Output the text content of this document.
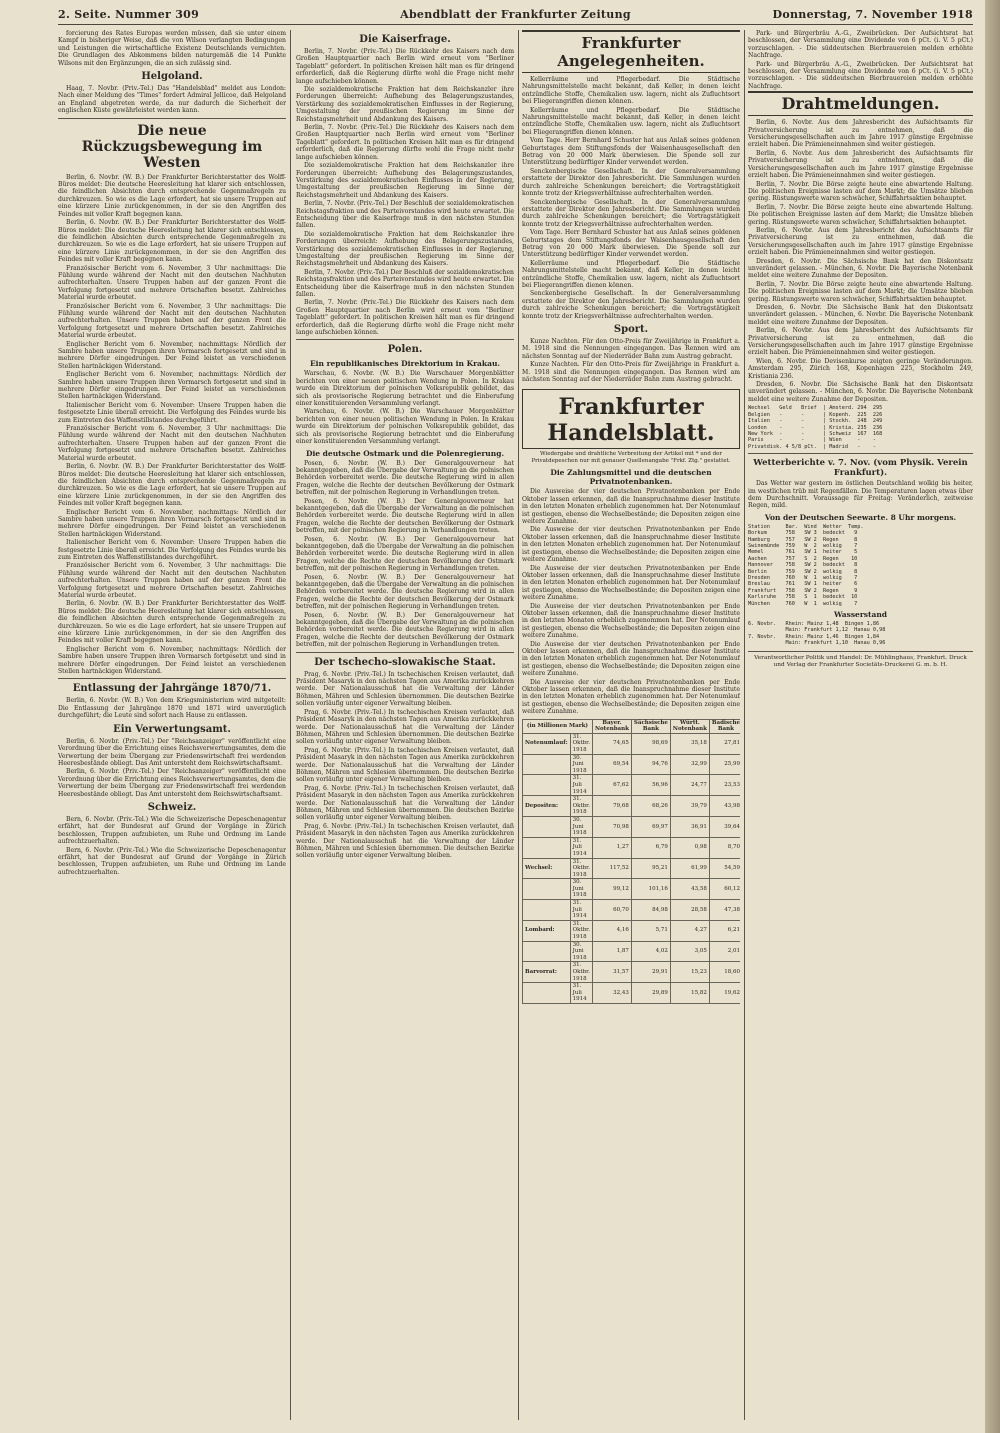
2. Seite. Nummer 309	Abendblatt der Frankfurter Zeitung	Donnerstag, 7. November 1918

forcierung des Rates Europas werden müssen, daß sie unter einem Kampf in bisheriger Weise, daß die von Wilson verlangten Bedingungen und Leistungen die wirtschaftliche Existenz Deutschlands vernichten. Die Grundlagen des Abkommens bilden naturgemäß die 14 Punkte Wilsons mit den Ergänzungen, die an sich zulässig sind.

Helgoland.

Haag, 7. Novbr. (Priv.-Tel.) Das "Handelsblad" meldet aus London: Nach einer Meldung des "Times" fordert Admiral Jellicoe, daß Helgoland an England abgetreten werde, da nur dadurch die Sicherheit der englischen Küste gewährleistet werden kann.

Die neue Rückzugsbewegung im Westen

Berlin, 6. Novbr. (W. B.) Der Frankfurter Berichterstatter des Wolff-Büros meldet: Die deutsche Heeresleitung hat klarer sich entschlossen, die feindlichen Absichten durch entsprechende Gegenmaßregeln zu durchkreuzen. So wie es die Lage erfordert, hat sie unsere Truppen auf eine kürzere Linie zurückgenommen, in der sie den Angriffen des Feindes mit voller Kraft begegnen kann.

Berlin, 6. Novbr. (W. B.) Der Frankfurter Berichterstatter des Wolff-Büros meldet: Die deutsche Heeresleitung hat klarer sich entschlossen, die feindlichen Absichten durch entsprechende Gegenmaßregeln zu durchkreuzen. So wie es die Lage erfordert, hat sie unsere Truppen auf eine kürzere Linie zurückgenommen, in der sie den Angriffen des Feindes mit voller Kraft begegnen kann.

Französischer Bericht vom 6. November, 3 Uhr nachmittags: Die Fühlung wurde während der Nacht mit den deutschen Nachhuten aufrechterhalten. Unsere Truppen haben auf der ganzen Front die Verfolgung fortgesetzt und mehrere Ortschaften besetzt. Zahlreiches Material wurde erbeutet.

Französischer Bericht vom 6. November, 3 Uhr nachmittags: Die Fühlung wurde während der Nacht mit den deutschen Nachhuten aufrechterhalten. Unsere Truppen haben auf der ganzen Front die Verfolgung fortgesetzt und mehrere Ortschaften besetzt. Zahlreiches Material wurde erbeutet.

Englischer Bericht vom 6. November, nachmittags: Nördlich der Sambre haben unsere Truppen ihren Vormarsch fortgesetzt und sind in mehrere Dörfer eingedrungen. Der Feind leistet an verschiedenen Stellen hartnäckigen Widerstand.

Englischer Bericht vom 6. November, nachmittags: Nördlich der Sambre haben unsere Truppen ihren Vormarsch fortgesetzt und sind in mehrere Dörfer eingedrungen. Der Feind leistet an verschiedenen Stellen hartnäckigen Widerstand.

Italienischer Bericht vom 6. November: Unsere Truppen haben die festgesetzte Linie überall erreicht. Die Verfolgung des Feindes wurde bis zum Eintreten des Waffenstillstandes durchgeführt.

Französischer Bericht vom 6. November, 3 Uhr nachmittags: Die Fühlung wurde während der Nacht mit den deutschen Nachhuten aufrechterhalten. Unsere Truppen haben auf der ganzen Front die Verfolgung fortgesetzt und mehrere Ortschaften besetzt. Zahlreiches Material wurde erbeutet.

Berlin, 6. Novbr. (W. B.) Der Frankfurter Berichterstatter des Wolff-Büros meldet: Die deutsche Heeresleitung hat klarer sich entschlossen, die feindlichen Absichten durch entsprechende Gegenmaßregeln zu durchkreuzen. So wie es die Lage erfordert, hat sie unsere Truppen auf eine kürzere Linie zurückgenommen, in der sie den Angriffen des Feindes mit voller Kraft begegnen kann.

Englischer Bericht vom 6. November, nachmittags: Nördlich der Sambre haben unsere Truppen ihren Vormarsch fortgesetzt und sind in mehrere Dörfer eingedrungen. Der Feind leistet an verschiedenen Stellen hartnäckigen Widerstand.

Italienischer Bericht vom 6. November: Unsere Truppen haben die festgesetzte Linie überall erreicht. Die Verfolgung des Feindes wurde bis zum Eintreten des Waffenstillstandes durchgeführt.

Französischer Bericht vom 6. November, 3 Uhr nachmittags: Die Fühlung wurde während der Nacht mit den deutschen Nachhuten aufrechterhalten. Unsere Truppen haben auf der ganzen Front die Verfolgung fortgesetzt und mehrere Ortschaften besetzt. Zahlreiches Material wurde erbeutet.

Berlin, 6. Novbr. (W. B.) Der Frankfurter Berichterstatter des Wolff-Büros meldet: Die deutsche Heeresleitung hat klarer sich entschlossen, die feindlichen Absichten durch entsprechende Gegenmaßregeln zu durchkreuzen. So wie es die Lage erfordert, hat sie unsere Truppen auf eine kürzere Linie zurückgenommen, in der sie den Angriffen des Feindes mit voller Kraft begegnen kann.

Englischer Bericht vom 6. November, nachmittags: Nördlich der Sambre haben unsere Truppen ihren Vormarsch fortgesetzt und sind in mehrere Dörfer eingedrungen. Der Feind leistet an verschiedenen Stellen hartnäckigen Widerstand.

Entlassung der Jahrgänge 1870/71.

Berlin, 6. Novbr. (W. B.) Von dem Kriegsministerium wird mitgeteilt: Die Entlassung der Jahrgänge 1870 und 1871 wird unverzüglich durchgeführt; die Leute sind sofort nach Hause zu entlassen.

Ein Verwertungsamt.

Berlin, 6. Novbr. (Priv.-Tel.) Der "Reichsanzeiger" veröffentlicht eine Verordnung über die Errichtung eines Reichsverwertungsamtes, dem die Verwertung der beim Übergang zur Friedenswirtschaft frei werdenden Heeresbestände obliegt. Das Amt untersteht dem Reichswirtschaftsamt.

Berlin, 6. Novbr. (Priv.-Tel.) Der "Reichsanzeiger" veröffentlicht eine Verordnung über die Errichtung eines Reichsverwertungsamtes, dem die Verwertung der beim Übergang zur Friedenswirtschaft frei werdenden Heeresbestände obliegt. Das Amt untersteht dem Reichswirtschaftsamt.

Schweiz.

Bern, 6. Novbr. (Priv.-Tel.) Wie die Schweizerische Depeschenagentur erfährt, hat der Bundesrat auf Grund der Vorgänge in Zürich beschlossen, Truppen aufzubieten, um Ruhe und Ordnung im Lande aufrechtzuerhalten.

Bern, 6. Novbr. (Priv.-Tel.) Wie die Schweizerische Depeschenagentur erfährt, hat der Bundesrat auf Grund der Vorgänge in Zürich beschlossen, Truppen aufzubieten, um Ruhe und Ordnung im Lande aufrechtzuerhalten.

Die Kaiserfrage.

Berlin, 7. Novbr. (Priv.-Tel.) Die Rückkehr des Kaisers nach dem Großen Hauptquartier nach Berlin wird erneut vom "Berliner Tageblatt" gefordert. In politischen Kreisen hält man es für dringend erforderlich, daß die Regierung dürfte wohl die Frage nicht mehr lange aufschieben können.

Die sozialdemokratische Fraktion hat dem Reichskanzler ihre Forderungen überreicht: Aufhebung des Belagerungszustandes, Verstärkung des sozialdemokratischen Einflusses in der Regierung, Umgestaltung der preußischen Regierung im Sinne der Reichstagsmehrheit und Abdankung des Kaisers.

Berlin, 7. Novbr. (Priv.-Tel.) Die Rückkehr des Kaisers nach dem Großen Hauptquartier nach Berlin wird erneut vom "Berliner Tageblatt" gefordert. In politischen Kreisen hält man es für dringend erforderlich, daß die Regierung dürfte wohl die Frage nicht mehr lange aufschieben können.

Die sozialdemokratische Fraktion hat dem Reichskanzler ihre Forderungen überreicht: Aufhebung des Belagerungszustandes, Verstärkung des sozialdemokratischen Einflusses in der Regierung, Umgestaltung der preußischen Regierung im Sinne der Reichstagsmehrheit und Abdankung des Kaisers.

Berlin, 7. Novbr. (Priv.-Tel.) Der Beschluß der sozialdemokratischen Reichstagsfraktion und des Parteivorstandes wird heute erwartet. Die Entscheidung über die Kaiserfrage muß in den nächsten Stunden fallen.

Die sozialdemokratische Fraktion hat dem Reichskanzler ihre Forderungen überreicht: Aufhebung des Belagerungszustandes, Verstärkung des sozialdemokratischen Einflusses in der Regierung, Umgestaltung der preußischen Regierung im Sinne der Reichstagsmehrheit und Abdankung des Kaisers.

Berlin, 7. Novbr. (Priv.-Tel.) Der Beschluß der sozialdemokratischen Reichstagsfraktion und des Parteivorstandes wird heute erwartet. Die Entscheidung über die Kaiserfrage muß in den nächsten Stunden fallen.

Berlin, 7. Novbr. (Priv.-Tel.) Die Rückkehr des Kaisers nach dem Großen Hauptquartier nach Berlin wird erneut vom "Berliner Tageblatt" gefordert. In politischen Kreisen hält man es für dringend erforderlich, daß die Regierung dürfte wohl die Frage nicht mehr lange aufschieben können.

Polen.
Ein republikanisches Direktorium in Krakau.

Warschau, 6. Novbr. (W. B.) Die Warschauer Morgenblätter berichten von einer neuen politischen Wendung in Polen. In Krakau wurde ein Direktorium der polnischen Volksrepublik gebildet, das sich als provisorische Regierung betrachtet und die Einberufung einer konstituierenden Versammlung verlangt.

Warschau, 6. Novbr. (W. B.) Die Warschauer Morgenblätter berichten von einer neuen politischen Wendung in Polen. In Krakau wurde ein Direktorium der polnischen Volksrepublik gebildet, das sich als provisorische Regierung betrachtet und die Einberufung einer konstituierenden Versammlung verlangt.

Die deutsche Ostmark und die Polenregierung.

Posen, 6. Novbr. (W. B.) Der Generalgouverneur hat bekanntgegeben, daß die Übergabe der Verwaltung an die polnischen Behörden vorbereitet werde. Die deutsche Regierung wird in allen Fragen, welche die Rechte der deutschen Bevölkerung der Ostmark betreffen, mit der polnischen Regierung in Verhandlungen treten.

Posen, 6. Novbr. (W. B.) Der Generalgouverneur hat bekanntgegeben, daß die Übergabe der Verwaltung an die polnischen Behörden vorbereitet werde. Die deutsche Regierung wird in allen Fragen, welche die Rechte der deutschen Bevölkerung der Ostmark betreffen, mit der polnischen Regierung in Verhandlungen treten.

Posen, 6. Novbr. (W. B.) Der Generalgouverneur hat bekanntgegeben, daß die Übergabe der Verwaltung an die polnischen Behörden vorbereitet werde. Die deutsche Regierung wird in allen Fragen, welche die Rechte der deutschen Bevölkerung der Ostmark betreffen, mit der polnischen Regierung in Verhandlungen treten.

Posen, 6. Novbr. (W. B.) Der Generalgouverneur hat bekanntgegeben, daß die Übergabe der Verwaltung an die polnischen Behörden vorbereitet werde. Die deutsche Regierung wird in allen Fragen, welche die Rechte der deutschen Bevölkerung der Ostmark betreffen, mit der polnischen Regierung in Verhandlungen treten.

Posen, 6. Novbr. (W. B.) Der Generalgouverneur hat bekanntgegeben, daß die Übergabe der Verwaltung an die polnischen Behörden vorbereitet werde. Die deutsche Regierung wird in allen Fragen, welche die Rechte der deutschen Bevölkerung der Ostmark betreffen, mit der polnischen Regierung in Verhandlungen treten.

Der tschecho-slowakische Staat.

Prag, 6. Novbr. (Priv.-Tel.) In tschechischen Kreisen verlautet, daß Präsident Masaryk in den nächsten Tagen aus Amerika zurückkehren werde. Der Nationalausschuß hat die Verwaltung der Länder Böhmen, Mähren und Schlesien übernommen. Die deutschen Bezirke sollen vorläufig unter eigener Verwaltung bleiben.

Prag, 6. Novbr. (Priv.-Tel.) In tschechischen Kreisen verlautet, daß Präsident Masaryk in den nächsten Tagen aus Amerika zurückkehren werde. Der Nationalausschuß hat die Verwaltung der Länder Böhmen, Mähren und Schlesien übernommen. Die deutschen Bezirke sollen vorläufig unter eigener Verwaltung bleiben.

Prag, 6. Novbr. (Priv.-Tel.) In tschechischen Kreisen verlautet, daß Präsident Masaryk in den nächsten Tagen aus Amerika zurückkehren werde. Der Nationalausschuß hat die Verwaltung der Länder Böhmen, Mähren und Schlesien übernommen. Die deutschen Bezirke sollen vorläufig unter eigener Verwaltung bleiben.

Prag, 6. Novbr. (Priv.-Tel.) In tschechischen Kreisen verlautet, daß Präsident Masaryk in den nächsten Tagen aus Amerika zurückkehren werde. Der Nationalausschuß hat die Verwaltung der Länder Böhmen, Mähren und Schlesien übernommen. Die deutschen Bezirke sollen vorläufig unter eigener Verwaltung bleiben.

Prag, 6. Novbr. (Priv.-Tel.) In tschechischen Kreisen verlautet, daß Präsident Masaryk in den nächsten Tagen aus Amerika zurückkehren werde. Der Nationalausschuß hat die Verwaltung der Länder Böhmen, Mähren und Schlesien übernommen. Die deutschen Bezirke sollen vorläufig unter eigener Verwaltung bleiben.

Frankfurter Angelegenheiten.

Kellerräume und Pflegerbedarf. Die Städtische Nahrungsmittelstelle macht bekannt, daß Keller, in denen leicht entzündliche Stoffe, Chemikalien usw. lagern, nicht als Zufluchtsort bei Fliegerangriffen dienen können.

Kellerräume und Pflegerbedarf. Die Städtische Nahrungsmittelstelle macht bekannt, daß Keller, in denen leicht entzündliche Stoffe, Chemikalien usw. lagern, nicht als Zufluchtsort bei Fliegerangriffen dienen können.

Vom Tage. Herr Bernhard Schuster hat aus Anlaß seines goldenen Geburtstages dem Stiftungsfonds der Waisenhausgesellschaft den Betrag von 20 000 Mark überwiesen. Die Spende soll zur Unterstützung bedürftiger Kinder verwendet werden.

Senckenbergische Gesellschaft. In der Generalversammlung erstattete der Direktor den Jahresbericht. Die Sammlungen wurden durch zahlreiche Schenkungen bereichert; die Vortragstätigkeit konnte trotz der Kriegsverhältnisse aufrechterhalten werden.

Senckenbergische Gesellschaft. In der Generalversammlung erstattete der Direktor den Jahresbericht. Die Sammlungen wurden durch zahlreiche Schenkungen bereichert; die Vortragstätigkeit konnte trotz der Kriegsverhältnisse aufrechterhalten werden.

Vom Tage. Herr Bernhard Schuster hat aus Anlaß seines goldenen Geburtstages dem Stiftungsfonds der Waisenhausgesellschaft den Betrag von 20 000 Mark überwiesen. Die Spende soll zur Unterstützung bedürftiger Kinder verwendet werden.

Kellerräume und Pflegerbedarf. Die Städtische Nahrungsmittelstelle macht bekannt, daß Keller, in denen leicht entzündliche Stoffe, Chemikalien usw. lagern, nicht als Zufluchtsort bei Fliegerangriffen dienen können.

Senckenbergische Gesellschaft. In der Generalversammlung erstattete der Direktor den Jahresbericht. Die Sammlungen wurden durch zahlreiche Schenkungen bereichert; die Vortragstätigkeit konnte trotz der Kriegsverhältnisse aufrechterhalten werden.

Sport.

Kunze Nachten. Für den Otto-Preis für Zweijährige in Frankfurt a. M. 1918 sind die Nennungen eingegangen. Das Rennen wird am nächsten Sonntag auf der Niederräder Bahn zum Austrag gebracht.

Kunze Nachten. Für den Otto-Preis für Zweijährige in Frankfurt a. M. 1918 sind die Nennungen eingegangen. Das Rennen wird am nächsten Sonntag auf der Niederräder Bahn zum Austrag gebracht.

Frankfurter Handelsblatt.
Wiedergabe und drahtliche Verbreitung der Artikel mit * und der Privatdepeschen nur mit genauer Quellenangabe "Frkf. Ztg." gestattet.
Die Zahlungsmittel und die deutschen Privatnotenbanken.

Die Ausweise der vier deutschen Privatnotenbanken per Ende Oktober lassen erkennen, daß die Inanspruchnahme dieser Institute in den letzten Monaten erheblich zugenommen hat. Der Notenumlauf ist gestiegen, ebenso die Wechselbestände; die Depositen zeigen eine weitere Zunahme.

Die Ausweise der vier deutschen Privatnotenbanken per Ende Oktober lassen erkennen, daß die Inanspruchnahme dieser Institute in den letzten Monaten erheblich zugenommen hat. Der Notenumlauf ist gestiegen, ebenso die Wechselbestände; die Depositen zeigen eine weitere Zunahme.

Die Ausweise der vier deutschen Privatnotenbanken per Ende Oktober lassen erkennen, daß die Inanspruchnahme dieser Institute in den letzten Monaten erheblich zugenommen hat. Der Notenumlauf ist gestiegen, ebenso die Wechselbestände; die Depositen zeigen eine weitere Zunahme.

Die Ausweise der vier deutschen Privatnotenbanken per Ende Oktober lassen erkennen, daß die Inanspruchnahme dieser Institute in den letzten Monaten erheblich zugenommen hat. Der Notenumlauf ist gestiegen, ebenso die Wechselbestände; die Depositen zeigen eine weitere Zunahme.

Die Ausweise der vier deutschen Privatnotenbanken per Ende Oktober lassen erkennen, daß die Inanspruchnahme dieser Institute in den letzten Monaten erheblich zugenommen hat. Der Notenumlauf ist gestiegen, ebenso die Wechselbestände; die Depositen zeigen eine weitere Zunahme.

Die Ausweise der vier deutschen Privatnotenbanken per Ende Oktober lassen erkennen, daß die Inanspruchnahme dieser Institute in den letzten Monaten erheblich zugenommen hat. Der Notenumlauf ist gestiegen, ebenso die Wechselbestände; die Depositen zeigen eine weitere Zunahme.

(in Millionen Mark)		Bayer. Notenbank	Sächsische Bank	Württ. Notenbank	Badische Bank
Notenumlauf:	31. Oktbr. 1918	74,65	98,69	35,18	27,81
	30. Juni 1918	69,54	94,76	32,99	25,99
	31. Juli 1914	67,62	56,96	24,77	23,53
Depositen:	31. Oktbr. 1918	79,68	68,26	39,79	43,98
	30. Juni 1918	70,98	69,97	36,91	39,64
	31. Juli 1914	1,27	6,79	0,98	8,70
Wechsel:	31. Oktbr. 1918	117,52	95,21	61,99	54,59
	30. Juni 1918	99,12	101,16	43,58	60,12
	31. Juli 1914	60,70	84,98	28,58	47,38
Lombard:	31. Oktbr. 1918	4,16	5,71	4,27	6,21
	30. Juni 1918	1,87	4,02	3,05	2,01
Barvorrat:	31. Oktbr. 1918	31,57	29,91	15,23	18,60
	31. Juli 1914	32,43	29,89	15,82	19,62

Park- und Bürgerbräu A.-G., Zweibrücken. Der Aufsichtsrat hat beschlossen, der Versammlung eine Dividende von 6 pCt. (i. V. 5 pCt.) vorzuschlagen. - Die süddeutschen Bierbrauereien melden erhöhte Nachfrage.

Park- und Bürgerbräu A.-G., Zweibrücken. Der Aufsichtsrat hat beschlossen, der Versammlung eine Dividende von 6 pCt. (i. V. 5 pCt.) vorzuschlagen. - Die süddeutschen Bierbrauereien melden erhöhte Nachfrage.

Drahtmeldungen.

Berlin, 6. Novbr. Aus dem Jahresbericht des Aufsichtsamts für Privatversicherung ist zu entnehmen, daß die Versicherungsgesellschaften auch im Jahre 1917 günstige Ergebnisse erzielt haben. Die Prämieneinnahmen sind weiter gestiegen.

Berlin, 6. Novbr. Aus dem Jahresbericht des Aufsichtsamts für Privatversicherung ist zu entnehmen, daß die Versicherungsgesellschaften auch im Jahre 1917 günstige Ergebnisse erzielt haben. Die Prämieneinnahmen sind weiter gestiegen.

Berlin, 7. Novbr. Die Börse zeigte heute eine abwartende Haltung. Die politischen Ereignisse lasten auf dem Markt; die Umsätze blieben gering. Rüstungswerte waren schwächer, Schiffahrtsaktien behauptet.

Berlin, 7. Novbr. Die Börse zeigte heute eine abwartende Haltung. Die politischen Ereignisse lasten auf dem Markt; die Umsätze blieben gering. Rüstungswerte waren schwächer, Schiffahrtsaktien behauptet.

Berlin, 6. Novbr. Aus dem Jahresbericht des Aufsichtsamts für Privatversicherung ist zu entnehmen, daß die Versicherungsgesellschaften auch im Jahre 1917 günstige Ergebnisse erzielt haben. Die Prämieneinnahmen sind weiter gestiegen.

Dresden, 6. Novbr. Die Sächsische Bank hat den Diskontsatz unverändert gelassen. - München, 6. Novbr. Die Bayerische Notenbank meldet eine weitere Zunahme der Depositen.

Berlin, 7. Novbr. Die Börse zeigte heute eine abwartende Haltung. Die politischen Ereignisse lasten auf dem Markt; die Umsätze blieben gering. Rüstungswerte waren schwächer, Schiffahrtsaktien behauptet.

Dresden, 6. Novbr. Die Sächsische Bank hat den Diskontsatz unverändert gelassen. - München, 6. Novbr. Die Bayerische Notenbank meldet eine weitere Zunahme der Depositen.

Berlin, 6. Novbr. Aus dem Jahresbericht des Aufsichtsamts für Privatversicherung ist zu entnehmen, daß die Versicherungsgesellschaften auch im Jahre 1917 günstige Ergebnisse erzielt haben. Die Prämieneinnahmen sind weiter gestiegen.

Wien, 6. Novbr. Die Devisenkurse zeigten geringe Veränderungen. Amsterdam 295, Zürich 168, Kopenhagen 225, Stockholm 249, Kristiania 236.

Dresden, 6. Novbr. Die Sächsische Bank hat den Diskontsatz unverändert gelassen. - München, 6. Novbr. Die Bayerische Notenbank meldet eine weitere Zunahme der Depositen.

Wechsel   Geld   Brief  | Amsterd. 294  295
Belgien   -      -      | Kopenh.  225  226
Italien   -      -      | Stockh.  248  249
London    -      -      | Kristia. 235  236
New York  -      -      | Schweiz  167  168
Paris     -      -      | Wien     -    -
Privatdisk. 4 5/8 pCt.  | Madrid   -    -
Wetterberichte v. 7. Nov. (vom Physik. Verein Frankfurt).

Das Wetter war gestern im östlichen Deutschland wolkig bis heiter, im westlichen trüb mit Regenfällen. Die Temperaturen lagen etwas über dem Durchschnitt. Voraussage für Freitag: Veränderlich, zeitweise Regen, mild.

Von der Deutschen Seewarte. 8 Uhr morgens.
Station     Bar.  Wind  Wetter  Temp.
Borkum      758   SW 3  bedeckt   9
Hamburg     757   SW 2  Regen     8
Swinemünde  759   W  2  wolkig    7
Memel       761   SW 1  heiter    5
Aachen      757   S  2  Regen    10
Hannover    758   SW 2  bedeckt   8
Berlin      759   SW 2  wolkig    8
Dresden     760   W  1  wolkig    7
Breslau     761   SW 1  heiter    6
Frankfurt   758   SW 2  Regen     9
Karlsruhe   758   S  1  bedeckt  10
München     760   W  1  wolkig    7
Wasserstand
6. Novbr.   Rhein: Mainz 1,48  Bingen 1,86
Main: Frankfurt 1,12  Hanau 0,98
7. Novbr.   Rhein: Mainz 1,46  Bingen 1,84
Main: Frankfurt 1,10  Hanau 0,96
Verantwortlicher Politik und Handel: Dr. Mühlinghaus, Frankfurt. Druck und Verlag der Frankfurter Societäts-Druckerei G. m. b. H.
